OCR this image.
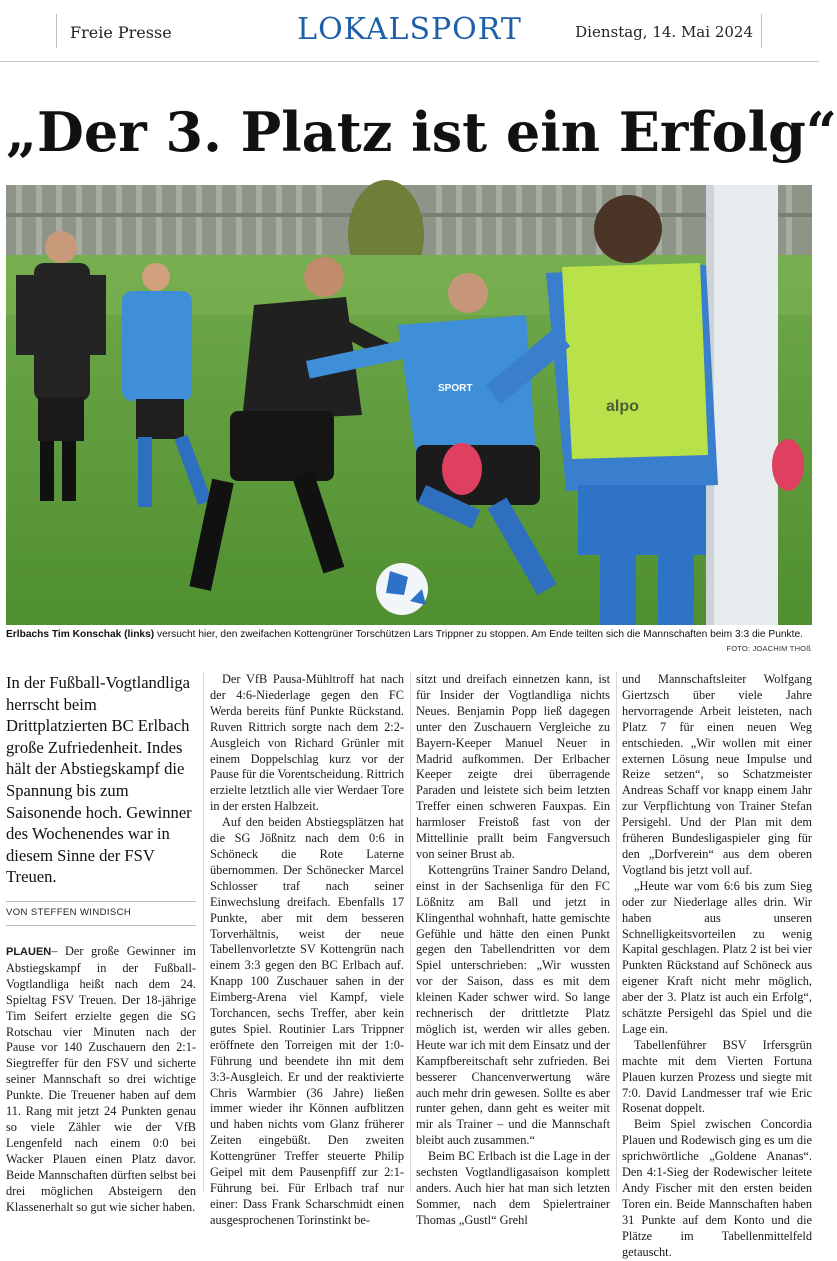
Freie Presse	LOKALSPORT	Dienstag, 14. Mai 2024
„Der 3. Platz ist ein Erfolg“
SPORT
alpo
Erlbachs Tim Konschak (links) versucht hier, den zweifachen Kottengrüner Torschützen Lars Trippner zu stoppen. Am Ende teilten sich die Mannschaften beim 3:3 die Punkte.
FOTO: JOACHIM THOß

In der Fußball-Vogtlandliga herrscht beim Drittplatzierten BC Erlbach große Zufriedenheit. Indes hält der Abstiegskampf die Spannung bis zum Saisonende hoch. Gewinner des Wochenendes war in diesem Sinne der FSV Treuen.

VON STEFFEN WINDISCH

PLAUEN– Der große Gewinner im Abstiegskampf in der Fußball-Vogtlandliga heißt nach dem 24. Spieltag FSV Treuen. Der 18-jährige Tim Seifert erzielte gegen die SG Rotschau vier Minuten nach der Pause vor 140 Zuschauern den 2:1-Siegtreffer für den FSV und sicherte seiner Mannschaft so drei wichtige Punkte. Die Treuener haben auf dem 11. Rang mit jetzt 24 Punkten genau so viele Zähler wie der VfB Lengenfeld nach einem 0:0 bei Wacker Plauen einen Platz davor. Beide Mannschaften dürften selbst bei drei möglichen Absteigern den Klassenerhalt so gut wie sicher haben.

Der VfB Pausa-Mühltroff hat nach der 4:6-Niederlage gegen den FC Werda bereits fünf Punkte Rückstand. Ruven Rittrich sorgte nach dem 2:2-Ausgleich von Richard Grünler mit einem Doppelschlag kurz vor der Pause für die Vorentscheidung. Rittrich erzielte letztlich alle vier Werdaer Tore in der ersten Halbzeit.

Auf den beiden Abstiegsplätzen hat die SG Jößnitz nach dem 0:6 in Schöneck die Rote Laterne übernommen. Der Schönecker Marcel Schlosser traf nach seiner Einwechslung dreifach. Ebenfalls 17 Punkte, aber mit dem besseren Torverhältnis, weist der neue Tabellenvorletzte SV Kottengrün nach einem 3:3 gegen den BC Erlbach auf. Knapp 100 Zuschauer sahen in der Eimberg-Arena viel Kampf, viele Torchancen, sechs Treffer, aber kein gutes Spiel. Routinier Lars Trippner eröffnete den Torreigen mit der 1:0-Führung und beendete ihn mit dem 3:3-Ausgleich. Er und der reaktivierte Chris Warmbier (36 Jahre) ließen immer wieder ihr Können aufblitzen und haben nichts vom Glanz früherer Zeiten eingebüßt. Den zweiten Kottengrüner Treffer steuerte Philip Geipel mit dem Pausenpfiff zur 2:1-Führung bei. Für Erlbach traf nur einer: Dass Frank Scharschmidt einen ausgesprochenen Torinstinkt be-

sitzt und dreifach einnetzen kann, ist für Insider der Vogtlandliga nichts Neues. Benjamin Popp ließ dagegen unter den Zuschauern Vergleiche zu Bayern-Keeper Manuel Neuer in Madrid aufkommen. Der Erlbacher Keeper zeigte drei überragende Paraden und leistete sich beim letzten Treffer einen schweren Fauxpas. Ein harmloser Freistoß fast von der Mittellinie prallt beim Fangversuch von seiner Brust ab.

Kottengrüns Trainer Sandro Deland, einst in der Sachsenliga für den FC Lößnitz am Ball und jetzt in Klingenthal wohnhaft, hatte gemischte Gefühle und hätte den einen Punkt gegen den Tabellendritten vor dem Spiel unterschrieben: „Wir wussten vor der Saison, dass es mit dem kleinen Kader schwer wird. So lange rechnerisch der drittletzte Platz möglich ist, werden wir alles geben. Heute war ich mit dem Einsatz und der Kampfbereitschaft sehr zufrieden. Bei besserer Chancenverwertung wäre auch mehr drin gewesen. Sollte es aber runter gehen, dann geht es weiter mit mir als Trainer – und die Mannschaft bleibt auch zusammen.“

Beim BC Erlbach ist die Lage in der sechsten Vogtlandligasaison komplett anders. Auch hier hat man sich letzten Sommer, nach dem Spielertrainer Thomas „Gustl“ Grehl

und Mannschaftsleiter Wolfgang Giertzsch über viele Jahre hervorragende Arbeit leisteten, nach Platz 7 für einen neuen Weg entschieden. „Wir wollen mit einer externen Lösung neue Impulse und Reize setzen“, so Schatzmeister Andreas Schaff vor knapp einem Jahr zur Verpflichtung von Trainer Stefan Persigehl. Und der Plan mit dem früheren Bundesligaspieler ging für den „Dorfverein“ aus dem oberen Vogtland bis jetzt voll auf.

„Heute war vom 6:6 bis zum Sieg oder zur Niederlage alles drin. Wir haben aus unseren Schnelligkeitsvorteilen zu wenig Kapital geschlagen. Platz 2 ist bei vier Punkten Rückstand auf Schöneck aus eigener Kraft nicht mehr möglich, aber der 3. Platz ist auch ein Erfolg“, schätzte Persigehl das Spiel und die Lage ein.

Tabellenführer BSV Irfersgrün machte mit dem Vierten Fortuna Plauen kurzen Prozess und siegte mit 7:0. David Landmesser traf wie Eric Rosenat doppelt.

Beim Spiel zwischen Concordia Plauen und Rodewisch ging es um die sprichwörtliche „Goldene Ananas“. Den 4:1-Sieg der Rodewischer leitete Andy Fischer mit den ersten beiden Toren ein. Beide Mannschaften haben 31 Punkte auf dem Konto und die Plätze im Tabellenmittelfeld getauscht.
